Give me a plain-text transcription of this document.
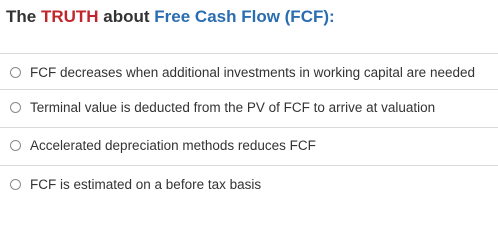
The TRUTH about Free Cash Flow (FCF):
FCF decreases when additional investments in working capital are needed
Terminal value is deducted from the PV of FCF to arrive at valuation
Accelerated depreciation methods reduces FCF
FCF is estimated on a before tax basis
